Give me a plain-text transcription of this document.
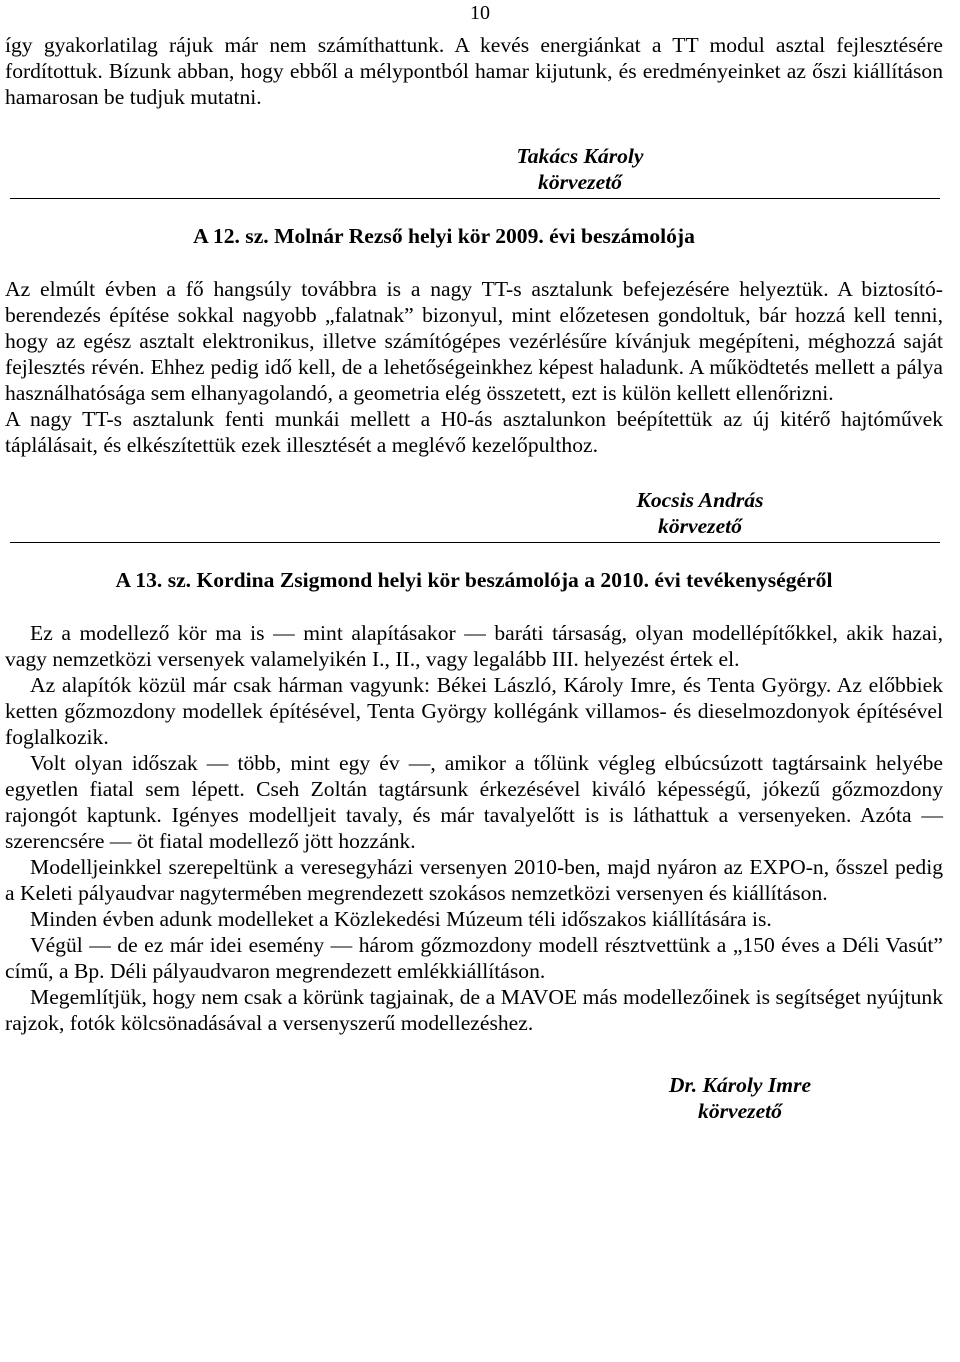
10

így gyakorlatilag rájuk már nem számíthattunk. A kevés energiánkat a TT modul asztal fejlesztésére fordítottuk. Bízunk abban, hogy ebből a mélypontból hamar kijutunk, és eredményeinket az őszi kiállításon hamarosan be tudjuk mutatni.

Takács Károly
körvezető
A 12. sz. Molnár Rezső helyi kör 2009. évi beszámolója

Az elmúlt évben a fő hangsúly továbbra is a nagy TT-s asztalunk befejezésére helyeztük. A biztosító-berendezés építése sokkal nagyobb „falatnak” bizonyul, mint előzetesen gondoltuk, bár hozzá kell tenni, hogy az egész asztalt elektronikus, illetve számítógépes vezérlésűre kívánjuk megépíteni, méghozzá saját fejlesztés révén. Ehhez pedig idő kell, de a lehetőségeinkhez képest haladunk. A működtetés mellett a pálya használhatósága sem elhanyagolandó, a geometria elég összetett, ezt is külön kellett ellenőrizni.

A nagy TT-s asztalunk fenti munkái mellett a H0-ás asztalunkon beépítettük az új kitérő hajtóművek táplálásait, és elkészítettük ezek illesztését a meglévő kezelőpulthoz.

Kocsis András
körvezető
A 13. sz. Kordina Zsigmond helyi kör beszámolója a 2010. évi tevékenységéről

Ez a modellező kör ma is — mint alapításakor — baráti társaság, olyan modellépítőkkel, akik hazai, vagy nemzetközi versenyek valamelyikén I., II., vagy legalább III. helyezést értek el.

Az alapítók közül már csak hárman vagyunk: Békei László, Károly Imre, és Tenta György. Az előbbiek ketten gőzmozdony modellek építésével, Tenta György kollégánk villamos- és dieselmozdonyok építésével foglalkozik.

Volt olyan időszak — több, mint egy év —, amikor a tőlünk végleg elbúcsúzott tagtársaink helyébe egyetlen fiatal sem lépett. Cseh Zoltán tagtársunk érkezésével kiváló képességű, jókezű gőzmozdony rajongót kaptunk. Igényes modelljeit tavaly, és már tavalyelőtt is is láthattuk a versenyeken. Azóta — szerencsére — öt fiatal modellező jött hozzánk.

Modelljeinkkel szerepeltünk a veresegyházi versenyen 2010-ben, majd nyáron az EXPO-n, ősszel pedig a Keleti pályaudvar nagytermében megrendezett szokásos nemzetközi versenyen és kiállításon.

Minden évben adunk modelleket a Közlekedési Múzeum téli időszakos kiállítására is.

Végül — de ez már idei esemény — három gőzmozdony modell résztvettünk a „150 éves a Déli Vasút” című, a Bp. Déli pályaudvaron megrendezett emlékkiállításon.

Megemlítjük, hogy nem csak a körünk tagjainak, de a MAVOE más modellezőinek is segítséget nyújtunk rajzok, fotók kölcsönadásával a versenyszerű modellezéshez.

Dr. Károly Imre
körvezető
